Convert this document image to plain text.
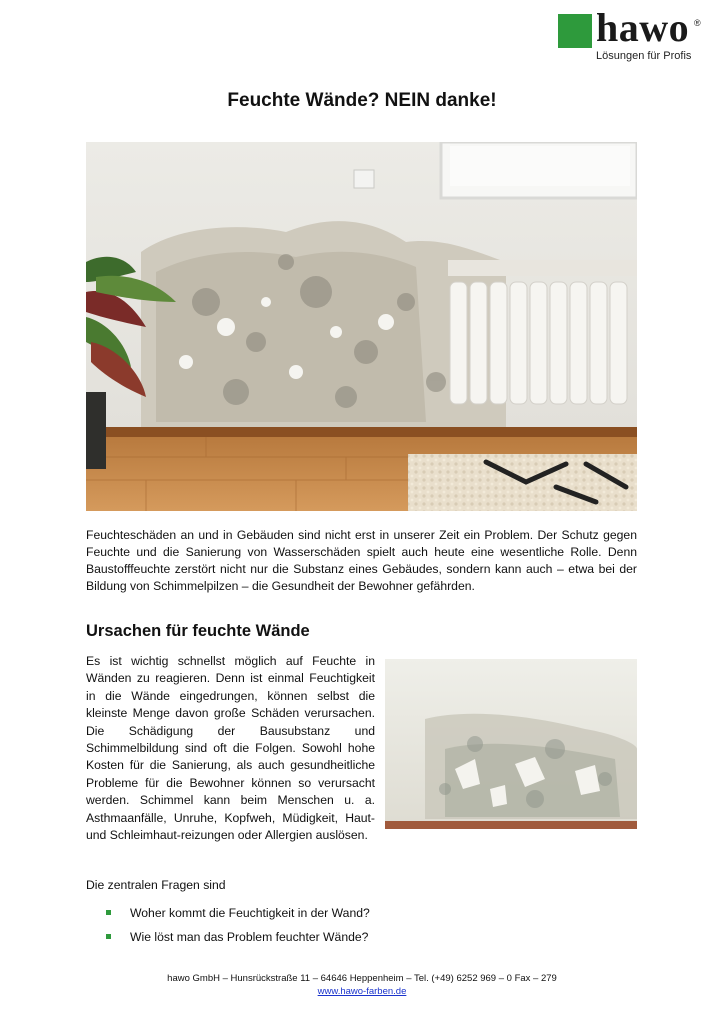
hawo ®
Lösungen für Profis
Feuchte Wände? NEIN danke!
Feuchteschäden an und in Gebäuden sind nicht erst in unserer Zeit ein Problem. Der Schutz gegen Feuchte und die Sanierung von Wasserschäden spielt auch heute eine wesentliche Rolle. Denn Baustofffeuchte zerstört nicht nur die Substanz eines Gebäudes, sondern kann auch – etwa bei der Bildung von Schimmelpilzen – die Gesundheit der Bewohner gefährden.
Ursachen für feuchte Wände
Es ist wichtig schnellst möglich auf Feuchte in Wänden zu reagieren. Denn ist einmal Feuchtigkeit in die Wände eingedrungen, können selbst die kleinste Menge davon große Schäden verursachen. Die Schädigung der Bausubstanz und Schimmelbildung sind oft die Folgen. Sowohl hohe Kosten für die Sanierung, als auch gesundheitliche Probleme für die Bewohner können so verursacht werden. Schimmel kann beim Menschen u. a. Asthmaanfälle, Unruhe, Kopfweh, Müdigkeit, Haut- und Schleimhaut-reizungen oder Allergien auslösen.
Die zentralen Fragen sind
Woher kommt die Feuchtigkeit in der Wand?
Wie löst man das Problem feuchter Wände?
hawo GmbH – Hunsrückstraße 11 – 64646 Heppenheim – Tel. (+49) 6252 969 – 0 Fax – 279
www.hawo-farben.de
